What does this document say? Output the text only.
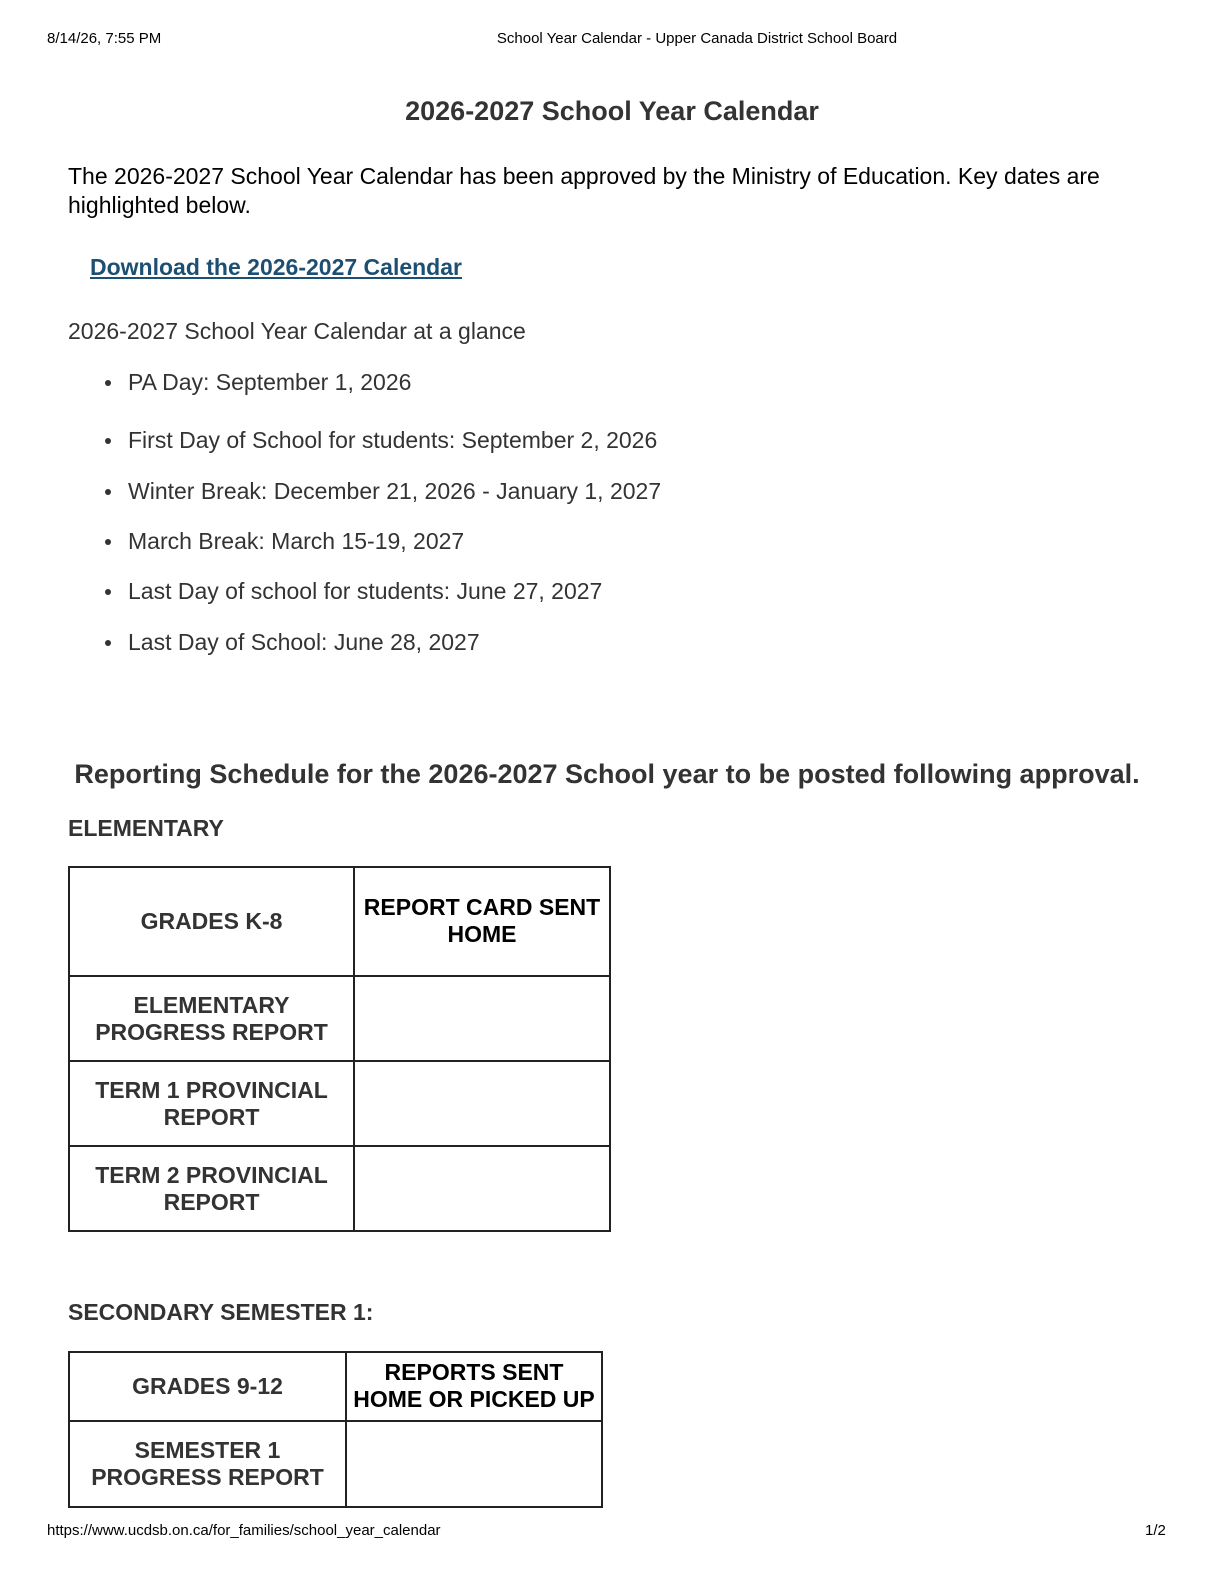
8/14/26, 7:55 PM	School Year Calendar - Upper Canada District School Board
2026-2027 School Year Calendar

The 2026-2027 School Year Calendar has been approved by the Ministry of Education. Key dates are highlighted below.

Download the 2026-2027 Calendar

2026-2027 School Year Calendar at a glance

PA Day: September 1, 2026
First Day of School for students: September 2, 2026
Winter Break: December 21, 2026 - January 1, 2027
March Break: March 15-19, 2027
Last Day of school for students: June 27, 2027
Last Day of School: June 28, 2027
Reporting Schedule for the 2026-2027 School year to be posted following approval.
ELEMENTARY
GRADES K-8	REPORT CARD SENT HOME
ELEMENTARY PROGRESS REPORT	
TERM 1 PROVINCIAL REPORT	
TERM 2 PROVINCIAL REPORT	
SECONDARY SEMESTER 1:
GRADES 9-12	REPORTS SENT HOME OR PICKED UP
SEMESTER 1 PROGRESS REPORT	
https://www.ucdsb.on.ca/for_families/school_year_calendar	1/2
